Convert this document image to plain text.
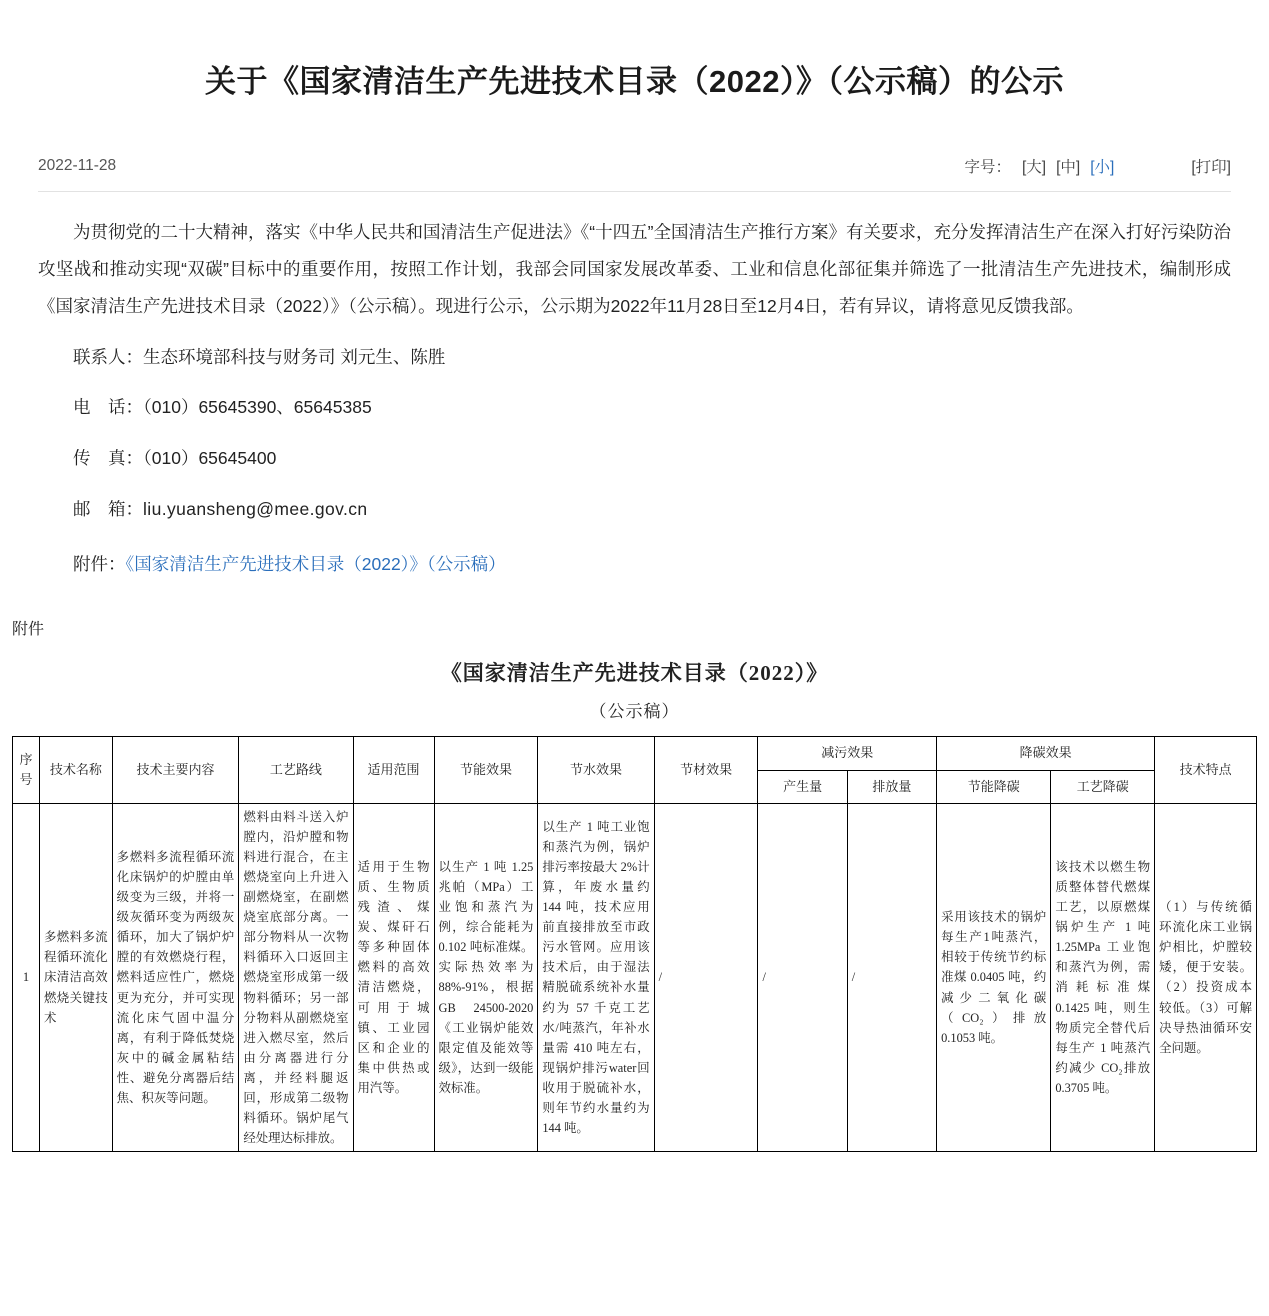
关于《国家清洁生产先进技术目录（2022）》（公示稿）的公示
2022-11-28	字号： [大] [中] [小]	[打印]

为贯彻党的二十大精神，落实《中华人民共和国清洁生产促进法》《“十四五”全国清洁生产推行方案》有关要求，充分发挥清洁生产在深入打好污染防治攻坚战和推动实现“双碳”目标中的重要作用，按照工作计划，我部会同国家发展改革委、工业和信息化部征集并筛选了一批清洁生产先进技术，编制形成《国家清洁生产先进技术目录（2022）》（公示稿）。现进行公示，公示期为2022年11月28日至12月4日，若有异议，请将意见反馈我部。

联系人：生态环境部科技与财务司 刘元生、陈胜

电　话：（010）65645390、65645385

传　真：（010）65645400

邮　箱：liu.yuansheng@mee.gov.cn

附件：《国家清洁生产先进技术目录（2022）》（公示稿）

附件
《国家清洁生产先进技术目录（2022）》
（公示稿）
序号	技术名称	技术主要内容	工艺路线	适用范围	节能效果	节水效果	节材效果	减污效果		降碳效果		技术特点
								产生量	排放量	节能降碳	工艺降碳	
1	多燃料多流程循环流化床清洁高效燃烧关键技术	多燃料多流程循环流化床锅炉的炉膛由单级变为三级，并将一级灰循环变为两级灰循环，加大了锅炉炉膛的有效燃烧行程，燃料适应性广，燃烧更为充分，并可实现流化床气固中温分离，有利于降低焚烧灰中的碱金属粘结性、避免分离器后结焦、积灰等问题。	燃料由料斗送入炉膛内，沿炉膛和物料进行混合，在主燃烧室向上升进入副燃烧室，在副燃烧室底部分离。一部分物料从一次物料循环入口返回主燃烧室形成第一级物料循环；另一部分物料从副燃烧室进入燃尽室，然后由分离器进行分离，并经料腿返回，形成第二级物料循环。锅炉尾气经处理达标排放。	适用于生物质、生物质残渣、煤炭、煤矸石等多种固体燃料的高效清洁燃烧，可用于城镇、工业园区和企业的集中供热或用汽等。	以生产 1 吨 1.25 兆帕（MPa）工业饱和蒸汽为例，综合能耗为 0.102 吨标准煤。实际热效率为88%-91%，根据 GB 24500-2020《工业锅炉能效限定值及能效等级》，达到一级能效标准。	以生产 1 吨工业饱和蒸汽为例，锅炉排污率按最大 2%计算，年废水量约 144 吨，技术应用前直接排放至市政污水管网。应用该技术后，由于湿法精脱硫系统补水量约为 57 千克工艺水/吨蒸汽，年补水量需 410 吨左右，现锅炉排污water回收用于脱硫补水，则年节约水量约为 144 吨。	/	/	/	采用该技术的锅炉每生产1吨蒸汽，相较于传统节约标准煤 0.0405 吨，约减少二氧化碳（CO₂）排放 0.1053 吨。	该技术以燃生物质整体替代燃煤工艺，以原燃煤锅炉生产 1 吨 1.25MPa 工业饱和蒸汽为例，需消 耗 标 准 煤 0.1425 吨，则生物质完全替代后每生产 1 吨蒸汽约减少 CO₂排放 0.3705 吨。	（1）与传统循环流化床工业锅炉相比，炉膛较矮，便于安装。（2）投资成本较低。（3）可解决导热油循环安全问题。
